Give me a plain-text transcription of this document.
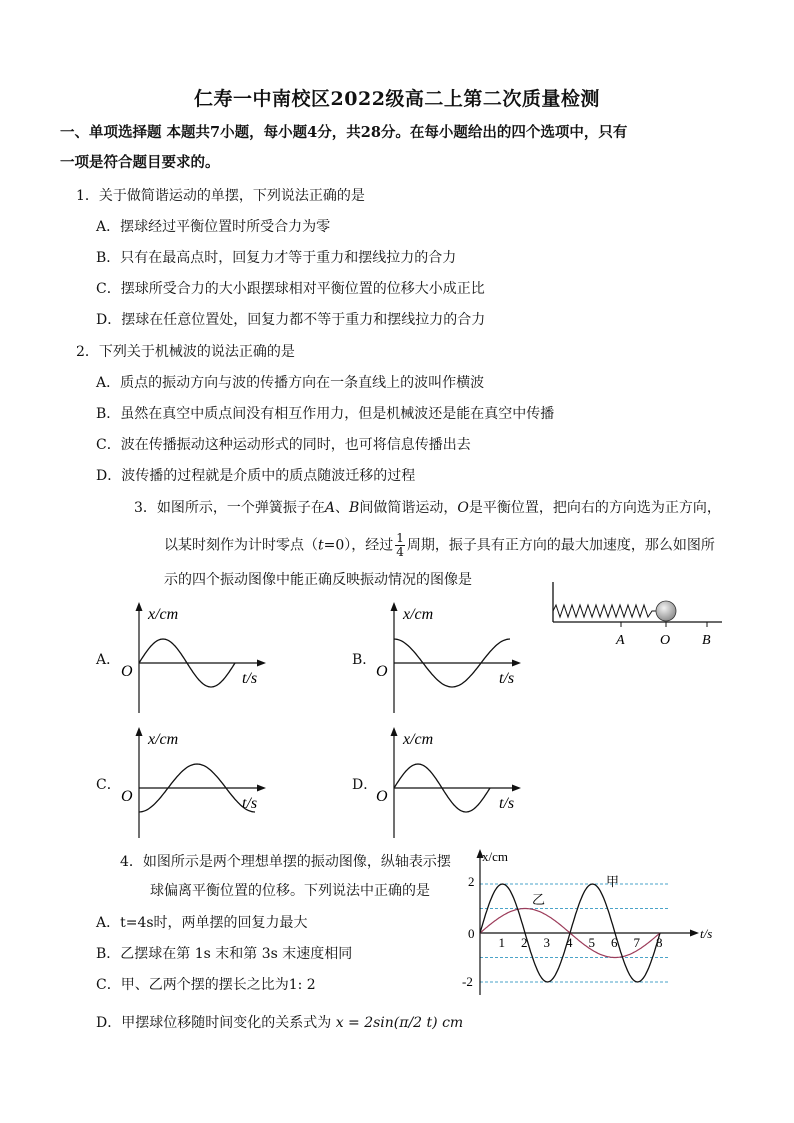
仁寿一中南校区2022级高二上第二次质量检测
一、单项选择题 本题共7小题，每小题4分，共28分。在每小题给出的四个选项中，只有
一项是符合题目要求的。
1．关于做简谐运动的单摆，下列说法正确的是
A．摆球经过平衡位置时所受合力为零
B．只有在最高点时，回复力才等于重力和摆线拉力的合力
C．摆球所受合力的大小跟摆球相对平衡位置的位移大小成正比
D．摆球在任意位置处，回复力都不等于重力和摆线拉力的合力
2．下列关于机械波的说法正确的是
A．质点的振动方向与波的传播方向在一条直线上的波叫作横波
B．虽然在真空中质点间没有相互作用力，但是机械波还是能在真空中传播
C．波在传播振动这种运动形式的同时，也可将信息传播出去
D．波传播的过程就是介质中的质点随波迁移的过程
3．如图所示，一个弹簧振子在A、B间做简谐运动，O是平衡位置，把向右的方向选为正方向，
以某时刻作为计时零点（t=0），经过 $\frac{1}{4}$ 周期，振子具有正方向的最大加速度，那么如图所
示的四个振动图像中能正确反映振动情况的图像是
A	O B
A．
x/cm
O	t/s
B．
x/cm
O	t/s
C．
x/cm
O	t/s
D．
x/cm
O	t/s
4．如图所示是两个理想单摆的振动图像，纵轴表示摆
球偏离平衡位置的位移。下列说法中正确的是
A．t=4s时，两单摆的回复力最大
B．乙摆球在第 1s 末和第 3s 末速度相同
C．甲、乙两个摆的摆长之比为1: 2
D．甲摆球位移随时间变化的关系式为 x = 2sin(π/2 t) cm
x/cm
t/s
2
0
-2
1 2 3 4 5 6 7 8
甲
乙
